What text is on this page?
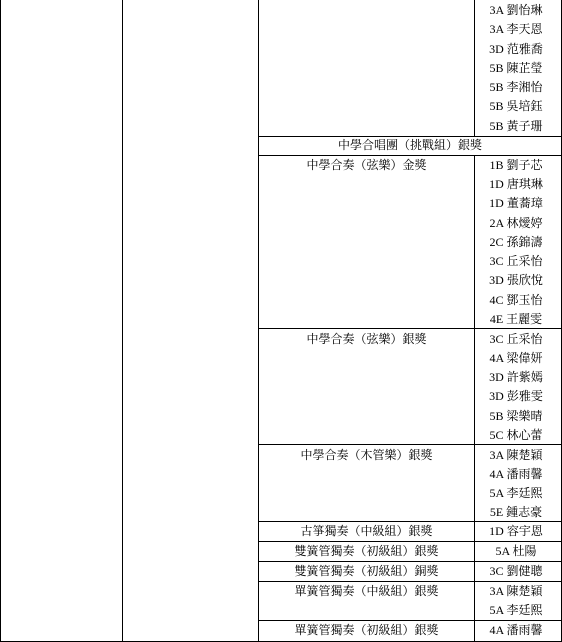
中學合唱團（挑戰組）銀獎
中學合奏（弦樂）金獎
中學合奏（弦樂）銀獎
中學合奏（木管樂）銀獎
古箏獨奏（中級組）銀獎
雙簧管獨奏（初級組）銀獎
雙簧管獨奏（初級組）銅獎
單簧管獨奏（中級組）銀獎
單簧管獨奏（初級組）銀獎
3A 劉怡琳
3A 李天恩
3D 范雅喬
5B 陳芷瑩
5B 李湘怡
5B 吳培鈺
5B 黃子珊
1B 劉子芯
1D 唐琪琳
1D 董蕎璋
2A 林燰婷
2C 孫錦濤
3C 丘采怡
3D 張欣悅
4C 鄧玉怡
4E 王麗雯
3C 丘采怡
4A 梁偉妍
3D 許紫嫣
3D 彭雅雯
5B 梁樂晴
5C 林心蕾
3A 陳楚穎
4A 潘雨馨
5A 李廷熙
5E 鍾志豪
1D 容宇恩
5A 杜陽
3C 劉健聰
3A 陳楚穎
5A 李廷熙
4A 潘雨馨
